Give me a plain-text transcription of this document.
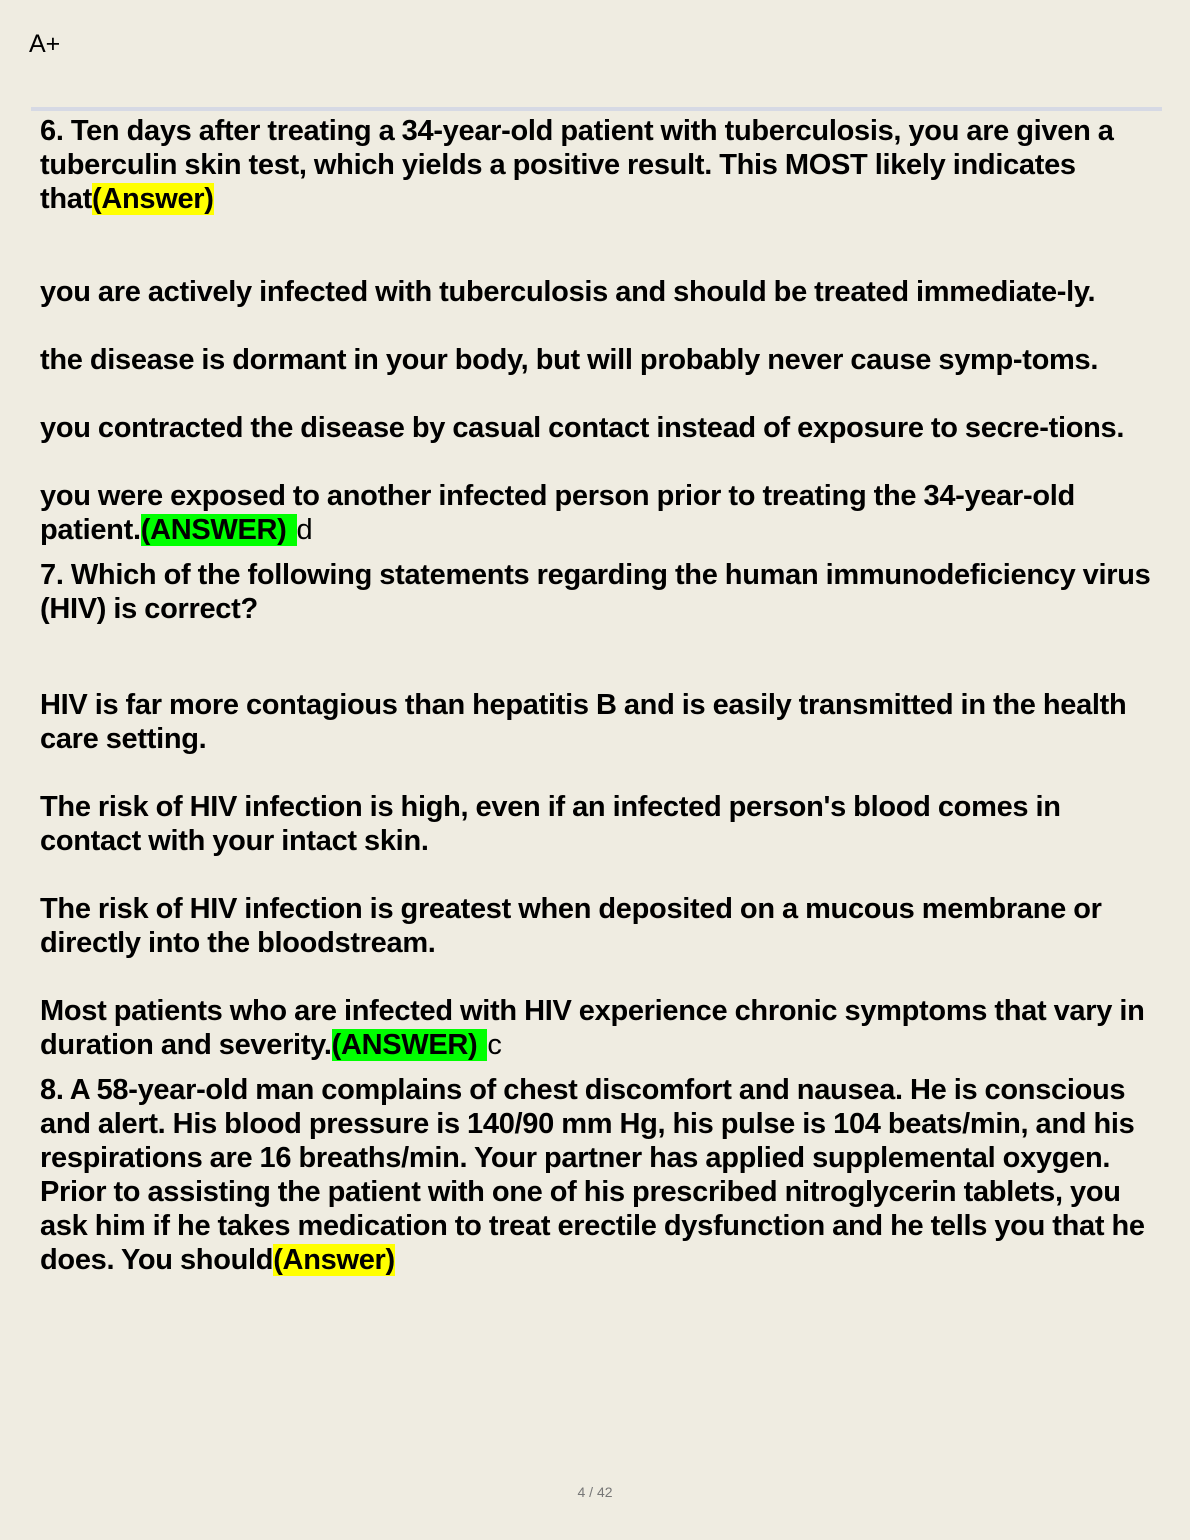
A+

6. Ten days after treating a 34-year-old patient with tuberculosis, you are given a tuberculin skin test, which yields a positive result. This MOST likely indicates that(Answer)

you are actively infected with tuberculosis and should be treated immediate-ly.

the disease is dormant in your body, but will probably never cause symp-toms.

you contracted the disease by casual contact instead of exposure to secre-tions.

you were exposed to another infected person prior to treating the 34-year-old patient.(ANSWER) d

7. Which of the following statements regarding the human immunodeficiency virus (HIV) is correct?

HIV is far more contagious than hepatitis B and is easily transmitted in the health care setting.

The risk of HIV infection is high, even if an infected person's blood comes in contact with your intact skin.

The risk of HIV infection is greatest when deposited on a mucous membrane or directly into the bloodstream.

Most patients who are infected with HIV experience chronic symptoms that vary in duration and severity.(ANSWER) c

8. A 58-year-old man complains of chest discomfort and nausea. He is conscious and alert. His blood pressure is 140/90 mm Hg, his pulse is 104 beats/min, and his respirations are 16 breaths/min. Your partner has applied supplemental oxygen. Prior to assisting the patient with one of his prescribed nitroglycerin tablets, you ask him if he takes medication to treat erectile dysfunction and he tells you that he does. You should(Answer)

4 / 42
